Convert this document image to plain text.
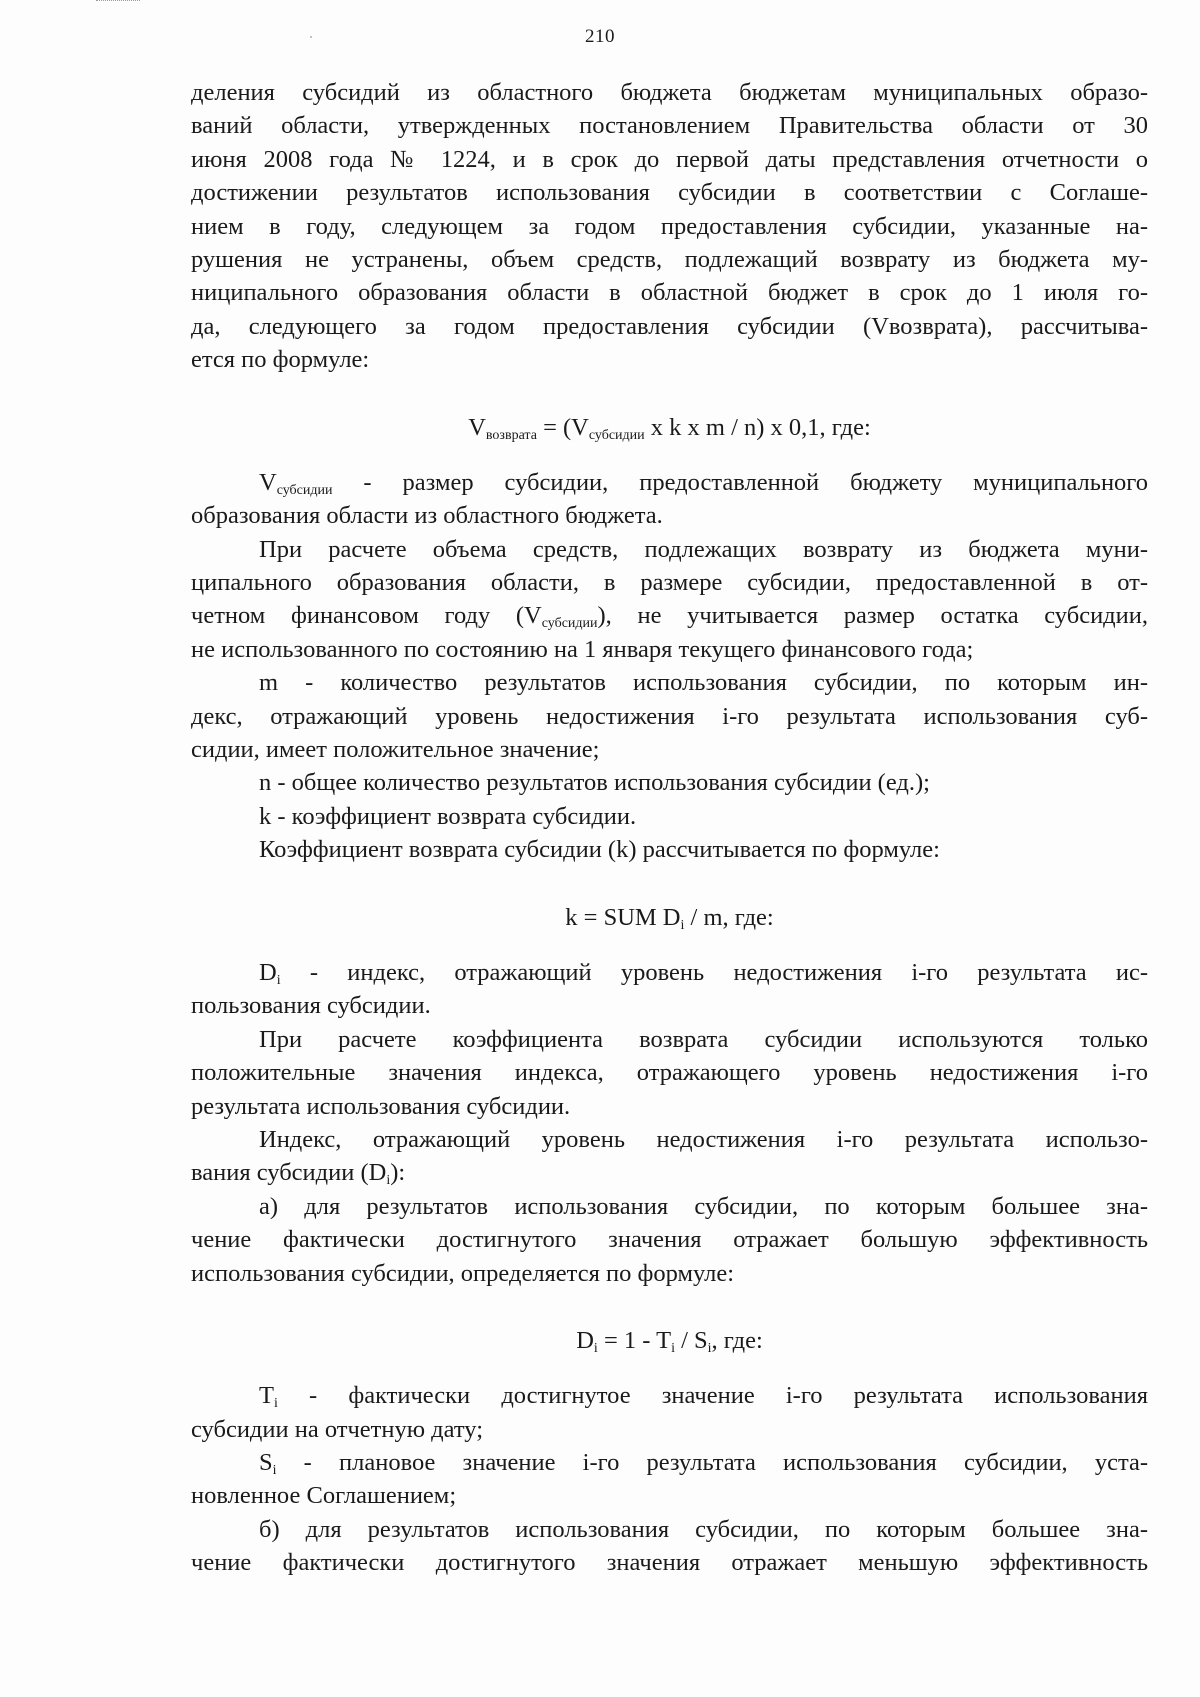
210
деления субсидий из областного бюджета бюджетам муниципальных образо-
ваний области, утвержденных постановлением Правительства области от 30
июня 2008 года № 1224, и в срок до первой даты представления отчетности о
достижении результатов использования субсидии в соответствии с Соглаше-
нием в году, следующем за годом предоставления субсидии, указанные на-
рушения не устранены, объем средств, подлежащий возврату из бюджета му-
ниципального образования области в областной бюджет в срок до 1 июля го-
да, следующего за годом предоставления субсидии (Vвозврата), рассчитыва-
ется по формуле:
$V_{возврата} = (V_{субсидии}$ x k x m / n) x 0,1, где:
$V_{субсидии}$ - размер субсидии, предоставленной бюджету муниципального
образования области из областного бюджета.
При расчете объема средств, подлежащих возврату из бюджета муни-
ципального образования области, в размере субсидии, предоставленной в от-
четном финансовом году $(V_{субсидии})$, не учитывается размер остатка субсидии,
не использованного по состоянию на 1 января текущего финансового года;
m - количество результатов использования субсидии, по которым ин-
декс, отражающий уровень недостижения i-го результата использования суб-
сидии, имеет положительное значение;
n - общее количество результатов использования субсидии (ед.);
k - коэффициент возврата субсидии.
Коэффициент возврата субсидии (k) рассчитывается по формуле:
k = SUM $D_i$ / m, где:
$D_i$ - индекс, отражающий уровень недостижения i-го результата ис-
пользования субсидии.
При расчете коэффициента возврата субсидии используются только
положительные значения индекса, отражающего уровень недостижения i-го
результата использования субсидии.
Индекс, отражающий уровень недостижения i-го результата использо-
вания субсидии $(D_i)$:
а) для результатов использования субсидии, по которым большее зна-
чение фактически достигнутого значения отражает большую эффективность
использования субсидии, определяется по формуле:
$D_i = 1 - T_i / S_i$, где:
$T_i$ - фактически достигнутое значение i-го результата использования
субсидии на отчетную дату;
$S_i$ - плановое значение i-го результата использования субсидии, уста-
новленное Соглашением;
б) для результатов использования субсидии, по которым большее зна-
чение фактически достигнутого значения отражает меньшую эффективность
